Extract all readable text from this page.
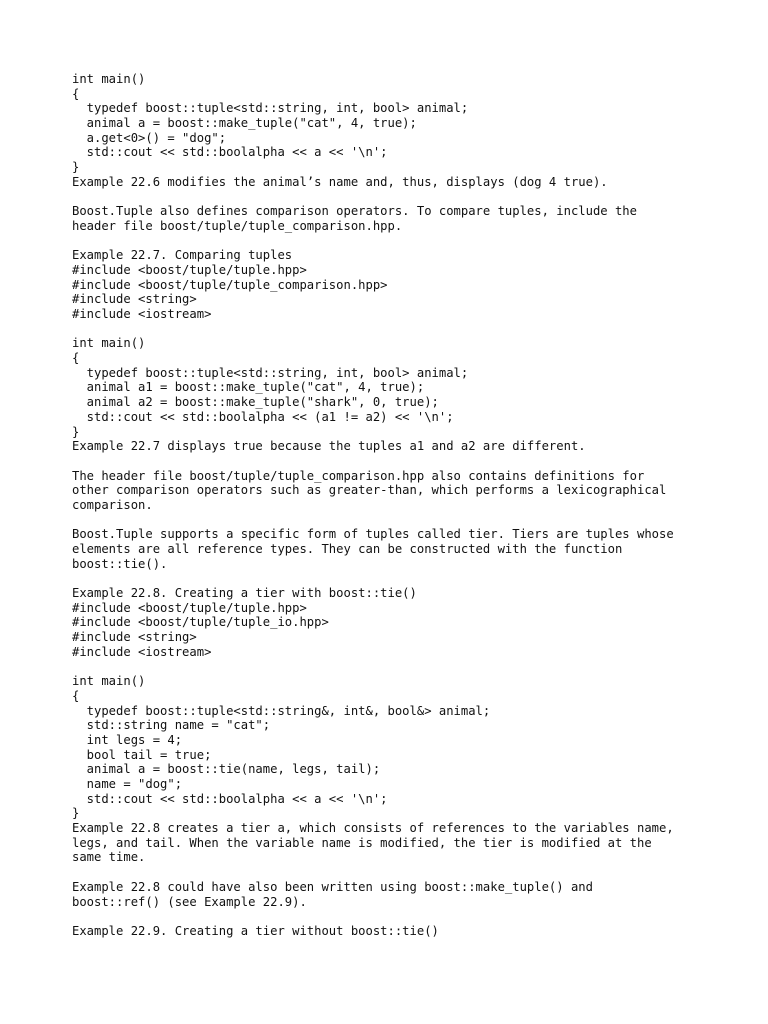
int main()
{
typedef boost::tuple<std::string, int, bool> animal;
animal a = boost::make_tuple("cat", 4, true);
a.get<0>() = "dog";
std::cout << std::boolalpha << a << '\n';
}
Example 22.6 modifies the animal’s name and, thus, displays (dog 4 true).
Boost.Tuple also defines comparison operators. To compare tuples, include the
header file boost/tuple/tuple_comparison.hpp.
Example 22.7. Comparing tuples
#include <boost/tuple/tuple.hpp>
#include <boost/tuple/tuple_comparison.hpp>
#include <string>
#include <iostream>
int main()
{
typedef boost::tuple<std::string, int, bool> animal;
animal a1 = boost::make_tuple("cat", 4, true);
animal a2 = boost::make_tuple("shark", 0, true);
std::cout << std::boolalpha << (a1 != a2) << '\n';
}
Example 22.7 displays true because the tuples a1 and a2 are different.
The header file boost/tuple/tuple_comparison.hpp also contains definitions for
other comparison operators such as greater-than, which performs a lexicographical
comparison.
Boost.Tuple supports a specific form of tuples called tier. Tiers are tuples whose
elements are all reference types. They can be constructed with the function
boost::tie().
Example 22.8. Creating a tier with boost::tie()
#include <boost/tuple/tuple.hpp>
#include <boost/tuple/tuple_io.hpp>
#include <string>
#include <iostream>
int main()
{
typedef boost::tuple<std::string&, int&, bool&> animal;
std::string name = "cat";
int legs = 4;
bool tail = true;
animal a = boost::tie(name, legs, tail);
name = "dog";
std::cout << std::boolalpha << a << '\n';
}
Example 22.8 creates a tier a, which consists of references to the variables name,
legs, and tail. When the variable name is modified, the tier is modified at the
same time.
Example 22.8 could have also been written using boost::make_tuple() and
boost::ref() (see Example 22.9).
Example 22.9. Creating a tier without boost::tie()
